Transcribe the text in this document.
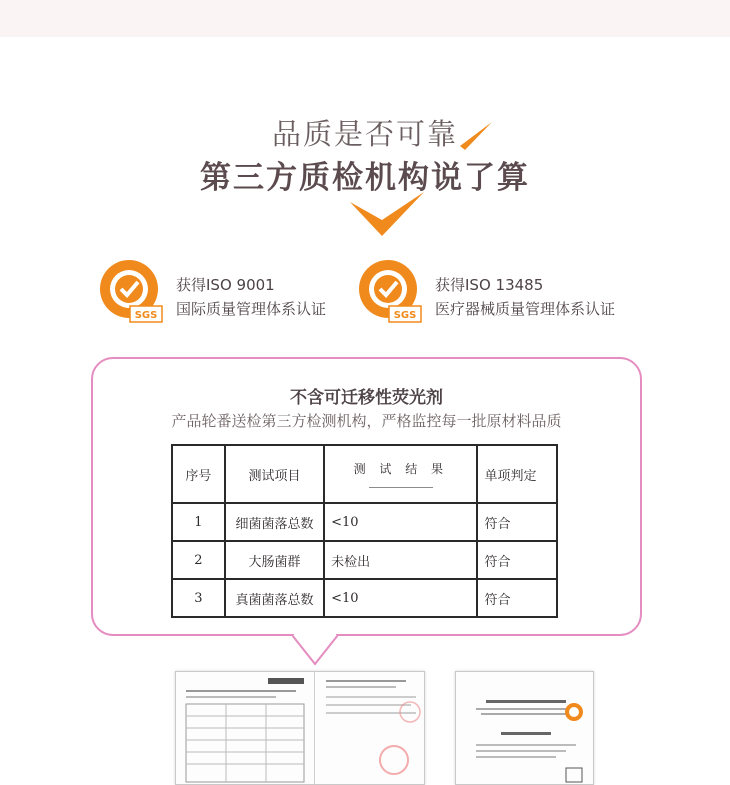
品质是否可靠
第三方质检机构说了算
SGS
获得ISO 9001
国际质量管理体系认证	SGS
获得ISO 13485
医疗器械质量管理体系认证
不含可迁移性荧光剂
产品轮番送检第三方检测机构，严格监控每一批原材料品质
序号	测试项目	测 试 结 果	单项判定
1	细菌菌落总数	<10	符合
2	大肠菌群	未检出	符合
3	真菌菌落总数	<10	符合
